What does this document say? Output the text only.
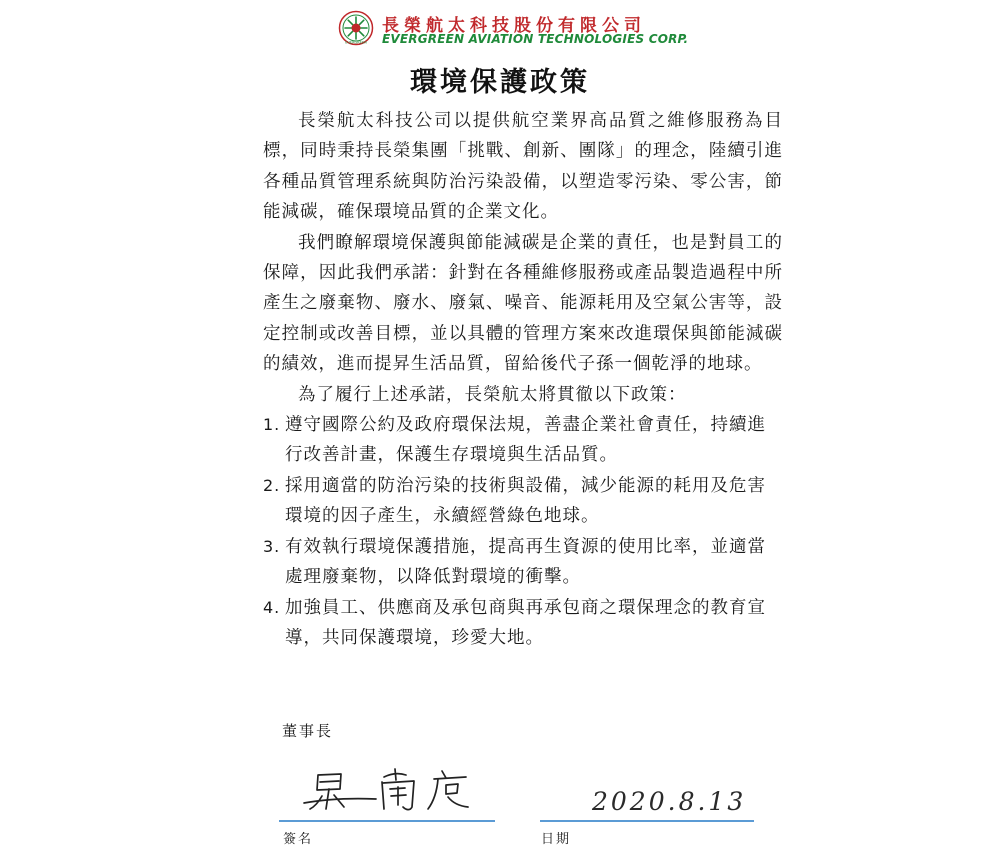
EVERGREEN
長榮航太科技股份有限公司
EVERGREEN AVIATION TECHNOLOGIES CORP.
環境保護政策

長榮航太科技公司以提供航空業界高品質之維修服務為目標，同時秉持長榮集團「挑戰、創新、團隊」的理念，陸續引進各種品質管理系統與防治污染設備，以塑造零污染、零公害，節能減碳，確保環境品質的企業文化。

我們瞭解環境保護與節能減碳是企業的責任，也是對員工的保障，因此我們承諾：針對在各種維修服務或產品製造過程中所產生之廢棄物、廢水、廢氣、噪音、能源耗用及空氣公害等，設定控制或改善目標，並以具體的管理方案來改進環保與節能減碳的績效，進而提昇生活品質，留給後代子孫一個乾淨的地球。

為了履行上述承諾，長榮航太將貫徹以下政策：

1. 遵守國際公約及政府環保法規，善盡企業社會責任，持續進行改善計畫，保護生存環境與生活品質。
2. 採用適當的防治污染的技術與設備，減少能源的耗用及危害環境的因子產生，永續經營綠色地球。
3. 有效執行環境保護措施，提高再生資源的使用比率，並適當處理廢棄物，以降低對環境的衝擊。
4. 加強員工、供應商及承包商與再承包商之環保理念的教育宣導，共同保護環境，珍愛大地。
董事長
2020.8.13
簽名	日期
